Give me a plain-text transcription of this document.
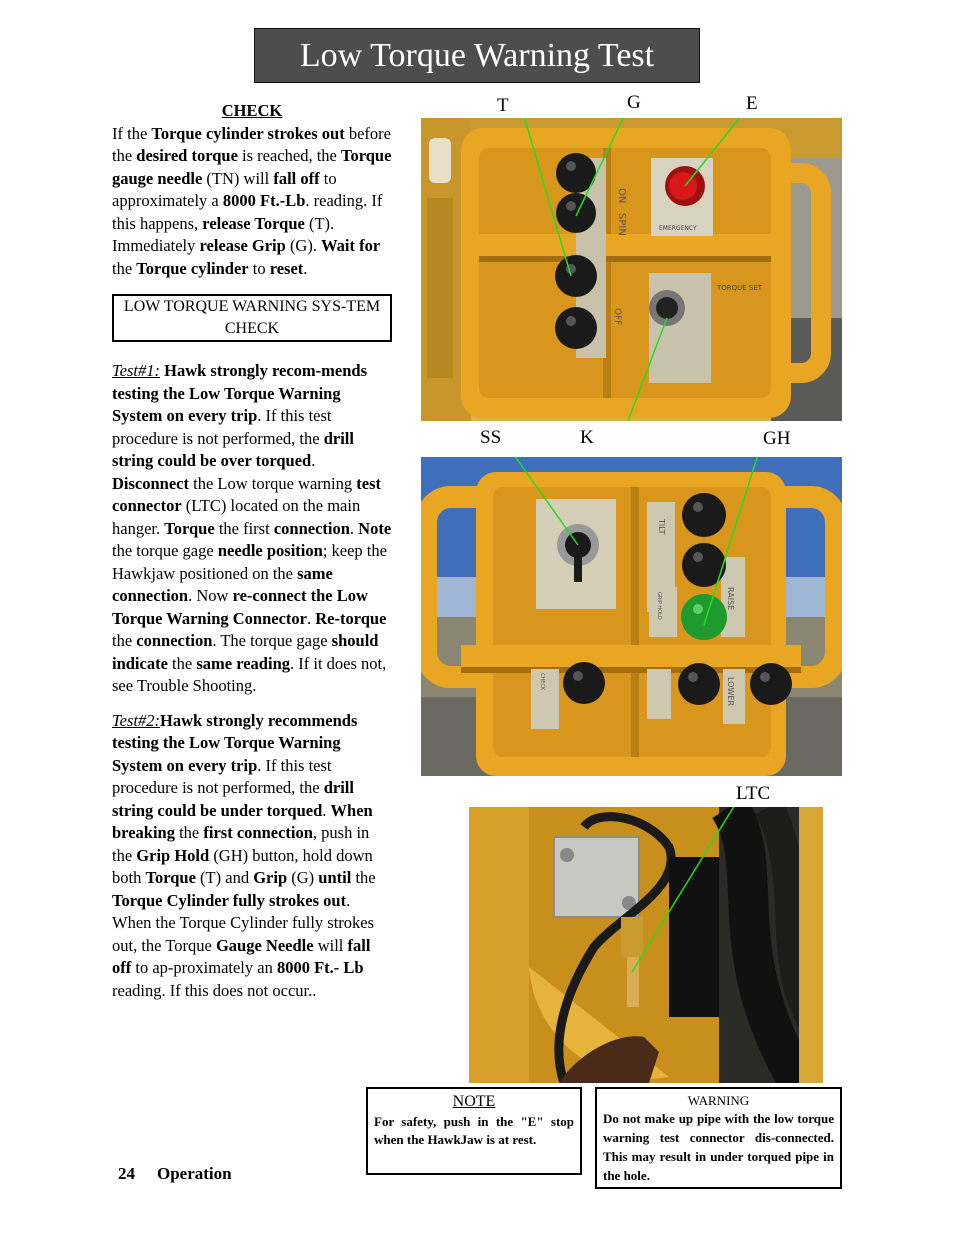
Low Torque Warning Test
CHECK

If the Torque cylinder strokes out before the desired torque is reached, the Torque gauge needle (TN) will fall off to approximately a 8000 Ft.-Lb. reading. If this happens, release Torque (T). Immediately release Grip (G). Wait for the Torque cylinder to reset.

LOW TORQUE WARNING SYS-TEM CHECK

Test#1: Hawk strongly recom-mends testing the Low Torque Warning System on every trip. If this test procedure is not performed, the drill string could be over torqued. Disconnect the Low torque warning test connector (LTC) located on the main hanger. Torque the first connection. Note the torque gage needle position; keep the Hawkjaw positioned on the same connection. Now re-connect the Low Torque Warning Connector. Re-torque the connection. The torque gage should indicate the same reading. If it does not, see Trouble Shooting.

Test#2:Hawk strongly recommends testing the Low Torque Warning System on every trip. If this test procedure is not performed, the drill string could be under torqued. When breaking the first connection, push in the Grip Hold (GH) button, hold down both Torque (T) and Grip (G) until the Torque Cylinder fully strokes out. When the Torque Cylinder fully strokes out, the Torque Gauge Needle will fall off to ap-proximately an 8000 Ft.- Lb reading. If this does not occur..

T	G	E
SS	K	GH
LTC
ON
SPIN	EMERGENCY
TORQUE SET
OFF
TILT
RAISE
LOWER
GRIP HOLD
CHECK
NOTE
For safety, push in the "E" stop when the HawkJaw is at rest.
WARNING
Do not make up pipe with the low torque warning test connector dis-connected. This may result in under torqued pipe in the hole.
24 Operation
